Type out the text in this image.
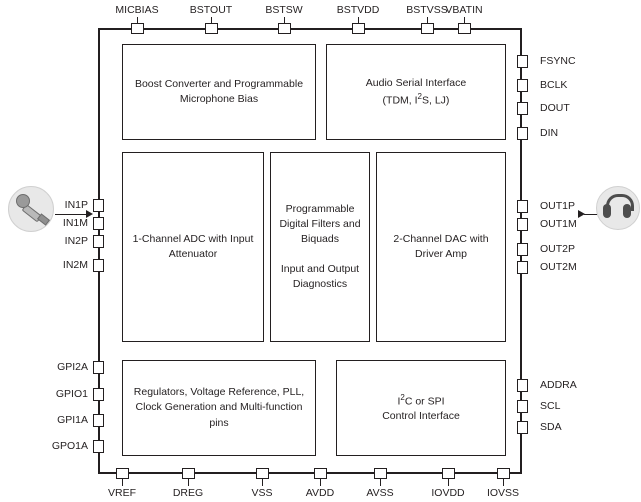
Boost Converter and Programmable Microphone Bias
Audio Serial Interface
(TDM, $I^2S$, LJ)
1-Channel ADC with Input Attenuator
Programmable Digital Filters and Biquads
Input and Output Diagnostics
2-Channel DAC with Driver Amp
Regulators, Voltage Reference, PLL, Clock Generation and Multi-function pins
$I^2C$ or SPI
Control Interface
MICBIAS	BSTOUT	BSTSW	BSTVDD	BSTVSS
VBATIN
IN1P
IN1M
IN2P
IN2M
GPI2A
GPIO1
GPI1A
GPO1A
FSYNC
BCLK
DOUT
DIN
OUT1P
OUT1M
OUT2P
OUT2M
ADDRA
SCL
SDA
VREF	DREG	VSS	AVDD	AVSS	IOVDD IOVSS
